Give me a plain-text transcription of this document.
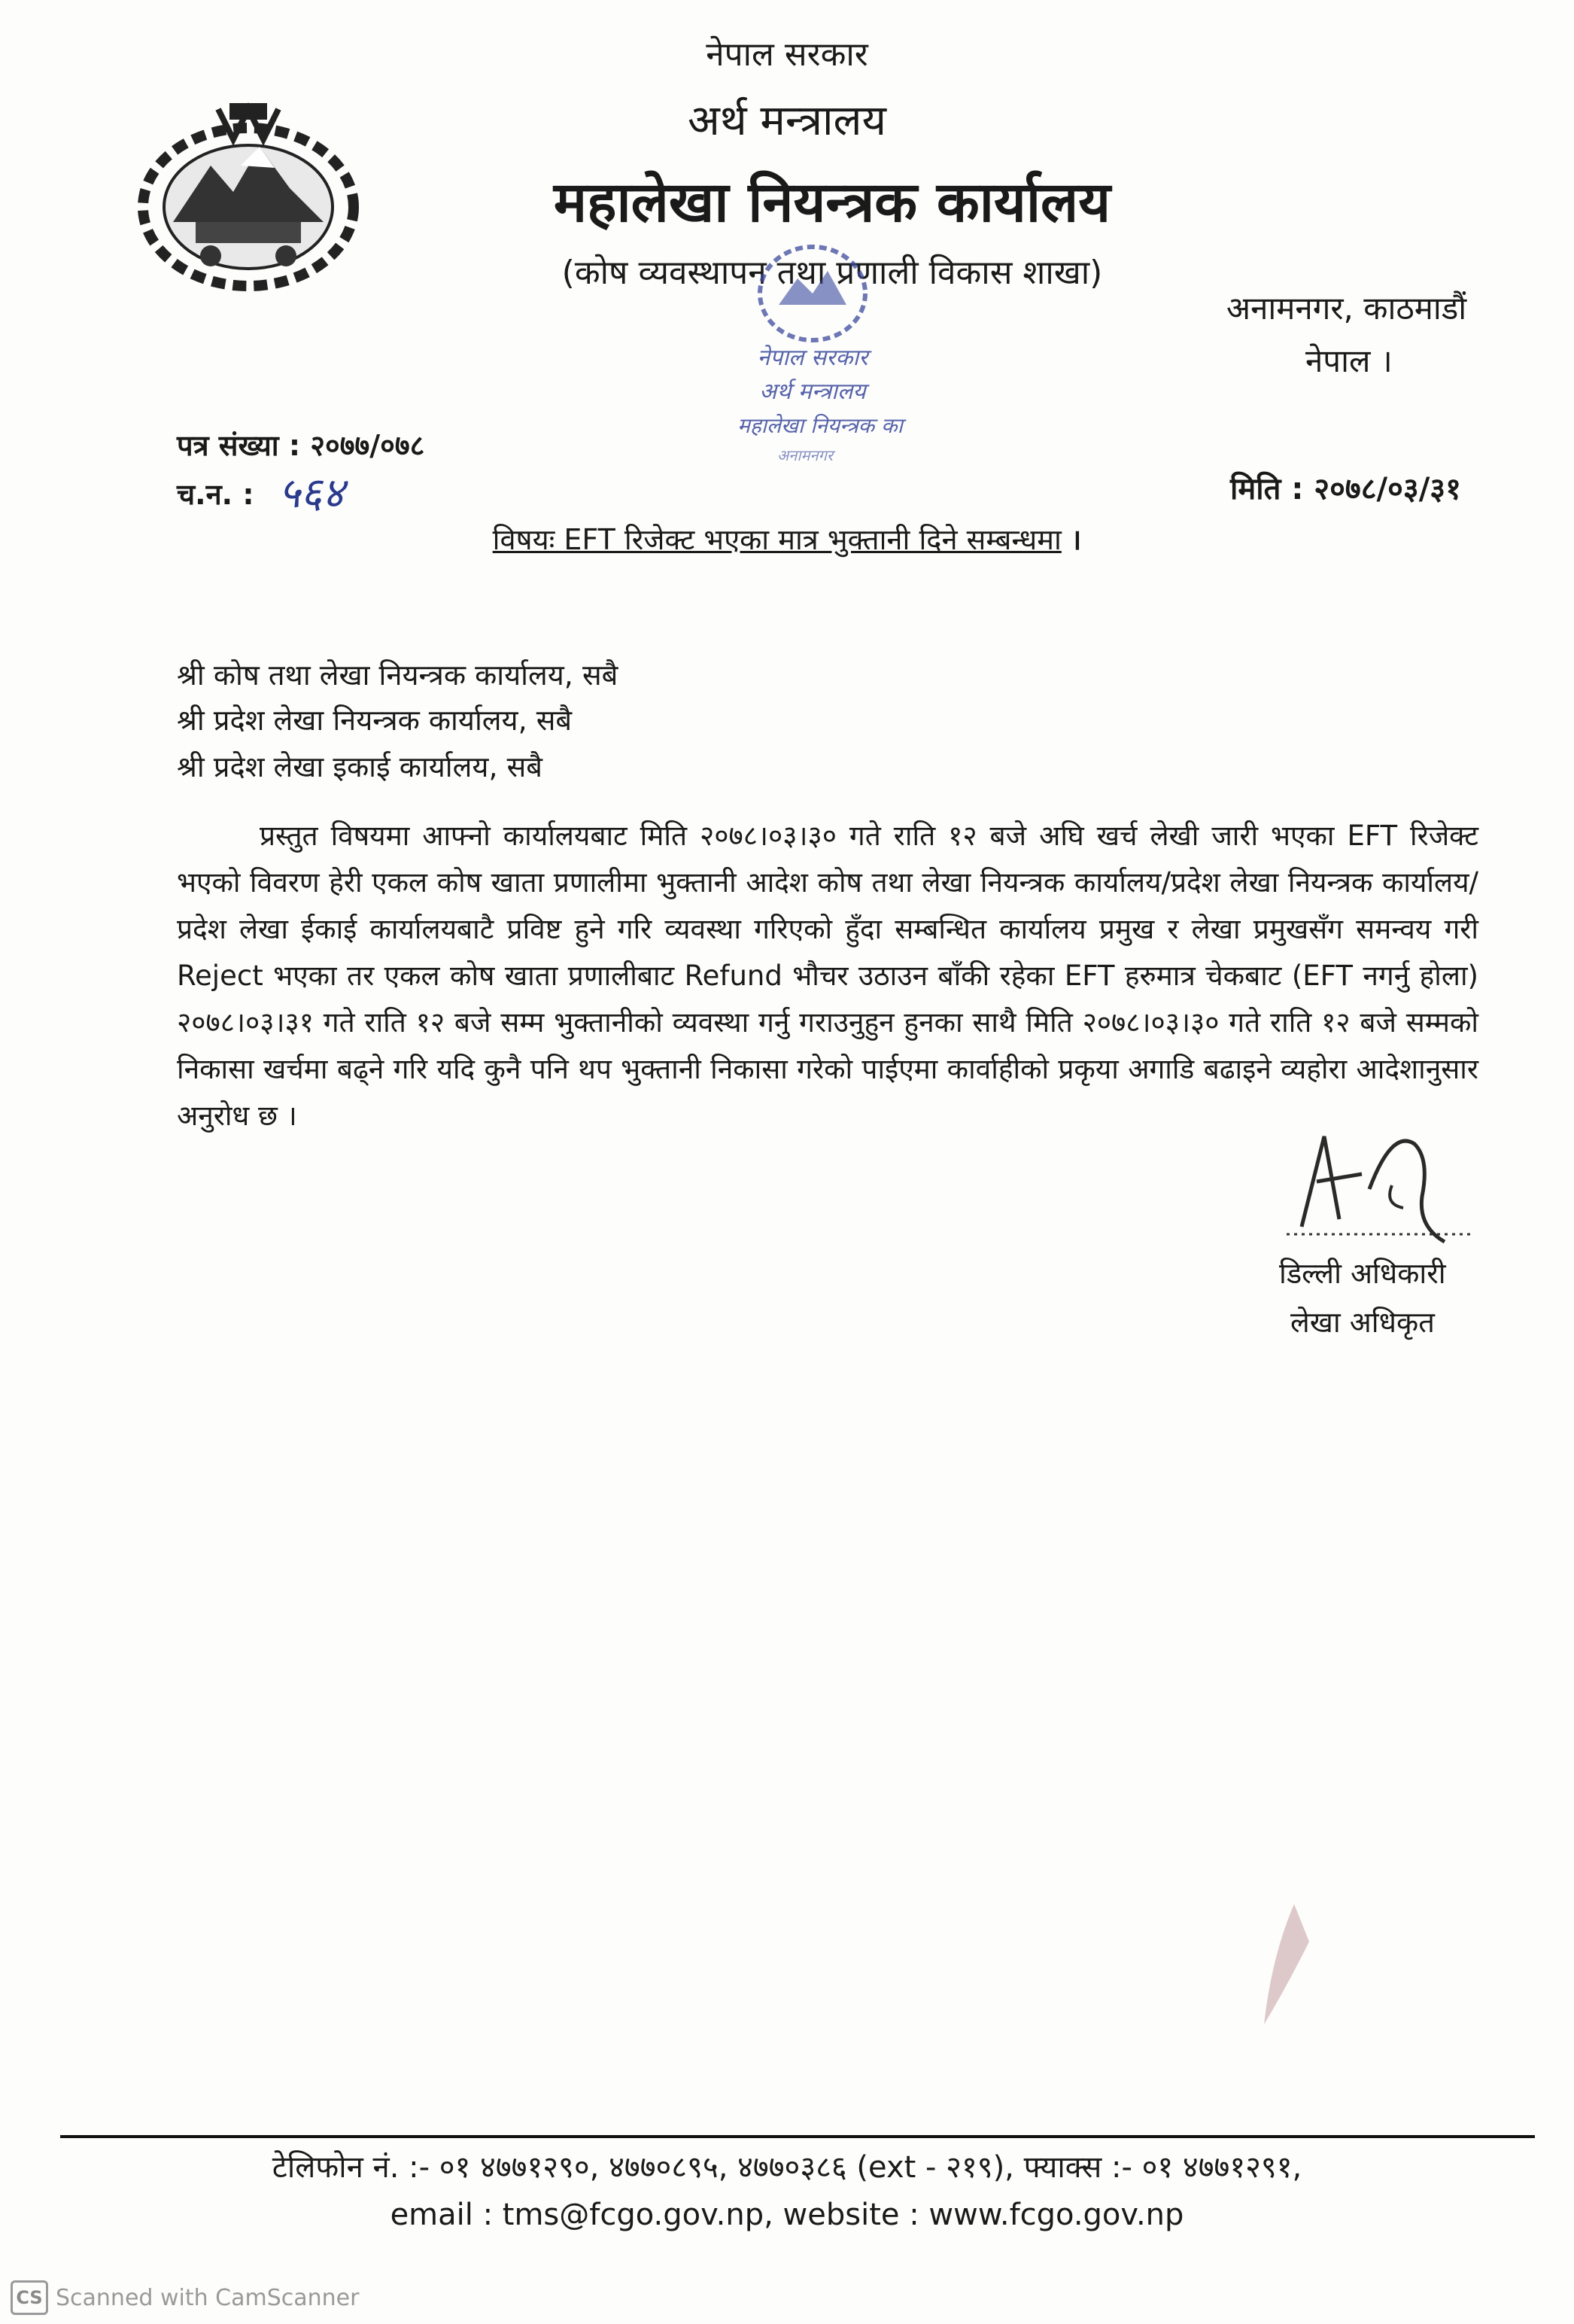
नेपाल सरकार
अर्थ मन्त्रालय
महालेखा नियन्त्रक कार्यालय
(कोष व्यवस्थापन तथा प्रणाली विकास शाखा)
अनामनगर, काठमाडौं
नेपाल ।
नेपाल सरकार
अर्थ मन्त्रालय
महालेखा नियन्त्रक का
अनामनगर
पत्र संख्या : २०७७/०७८
च.न. : ५६४	मिति : २०७८/०३/३१
विषयः EFT रिजेक्ट भएका मात्र भुक्तानी दिने सम्बन्धमा ।
श्री कोष तथा लेखा नियन्त्रक कार्यालय, सबै
श्री प्रदेश लेखा नियन्त्रक कार्यालय, सबै
श्री प्रदेश लेखा इकाई कार्यालय, सबै
प्रस्तुत विषयमा आफ्नो कार्यालयबाट मिति २०७८।०३।३० गते राति १२ बजे अघि खर्च लेखी जारी भएका EFT रिजेक्ट भएको विवरण हेरी एकल कोष खाता प्रणालीमा भुक्तानी आदेश कोष तथा लेखा नियन्त्रक कार्यालय/प्रदेश लेखा नियन्त्रक कार्यालय/प्रदेश लेखा ईकाई कार्यालयबाटै प्रविष्ट हुने गरि व्यवस्था गरिएको हुँदा सम्बन्धित कार्यालय प्रमुख र लेखा प्रमुखसँग समन्वय गरी Reject भएका तर एकल कोष खाता प्रणालीबाट Refund भौचर उठाउन बाँकी रहेका EFT हरुमात्र चेकबाट (EFT नगर्नु होला) २०७८।०३।३१ गते राति १२ बजे सम्म भुक्तानीको व्यवस्था गर्नु गराउनुहुन हुनका साथै मिति २०७८।०३।३० गते राति १२ बजे सम्मको निकासा खर्चमा बढ्ने गरि यदि कुनै पनि थप भुक्तानी निकासा गरेको पाईएमा कार्वाहीको प्रकृया अगाडि बढाइने व्यहोरा आदेशानुसार अनुरोध छ ।
डिल्ली अधिकारी
लेखा अधिकृत
टेलिफोन नं. :- ०१ ४७७१२९०, ४७७०८९५, ४७७०३८६ (ext - २१९), फ्याक्स :- ०१ ४७७१२९१,
email : tms@fcgo.gov.np, website : www.fcgo.gov.np
CS Scanned with CamScanner
